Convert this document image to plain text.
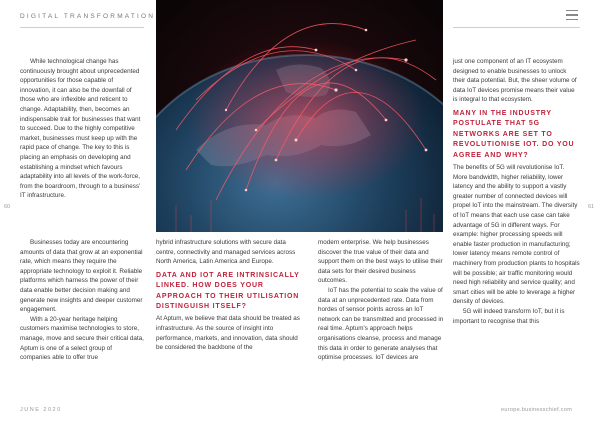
DIGITAL TRANSFORMATION

While technological change has continuously brought about unprecedented opportunities for those capable of innovation, it can also be the downfall of those who are inflexible and reticent to change. Adaptability, then, becomes an indispensable trait for businesses that want to succeed. Due to the highly competitive market, businesses must keep up with the rapid pace of change. The key to this is placing an emphasis on developing and establishing a mindset which favours adaptability into all levels of the work-force, from the boardroom, through to a business' IT infrastructure.

Businesses today are encountering amounts of data that grow at an exponential rate, which means they require the appropriate technology to exploit it. Reliable platforms which harness the power of their data enable better decision making and generate new insights and deeper customer engagement.

With a 20-year heritage helping customers maximise technologies to store, manage, move and secure their critical data, Aptum is one of a select group of companies able to offer true

hybrid infrastructure solutions with secure data centre, connectivity and managed services across North America, Latin America and Europe.

DATA AND IOT ARE INTRINSICALLY LINKED. HOW DOES YOUR APPROACH TO THEIR UTILISATION DISTINGUISH ITSELF?

At Aptum, we believe that data should be treated as infrastructure. As the source of insight into performance, markets, and innovation, data should be considered the backbone of the

modern enterprise. We help businesses discover the true value of their data and support them on the best ways to utilise their data sets for their desired business outcomes.

IoT has the potential to scale the value of data at an unprecedented rate. Data from hordes of sensor points across an IoT network can be transmitted and processed in real time. Aptum's approach helps organisations cleanse, process and manage this data in order to generate analyses that optimise processes. IoT devices are

just one component of an IT ecosystem designed to enable businesses to unlock their data potential. But, the sheer volume of data IoT devices promise means their value is integral to that ecosystem.

MANY IN THE INDUSTRY POSTULATE THAT 5G NETWORKS ARE SET TO REVOLUTIONISE IOT. DO YOU AGREE AND WHY?

The benefits of 5G will revolutionise IoT. More bandwidth, higher reliability, lower latency and the ability to support a vastly greater number of connected devices will propel IoT into the mainstream. The diversity of IoT means that each use case can take advantage of 5G in different ways. For example: higher processing speeds will enable faster production in manufacturing; lower latency means remote control of machinery from production plants to hospitals will be possible; air traffic monitoring would need high reliability and service quality; and smart cities will be able to leverage a higher density of devices.

5G will indeed transform IoT, but it is important to recognise that this

60	61
JUNE 2020	europe.businesschief.com
